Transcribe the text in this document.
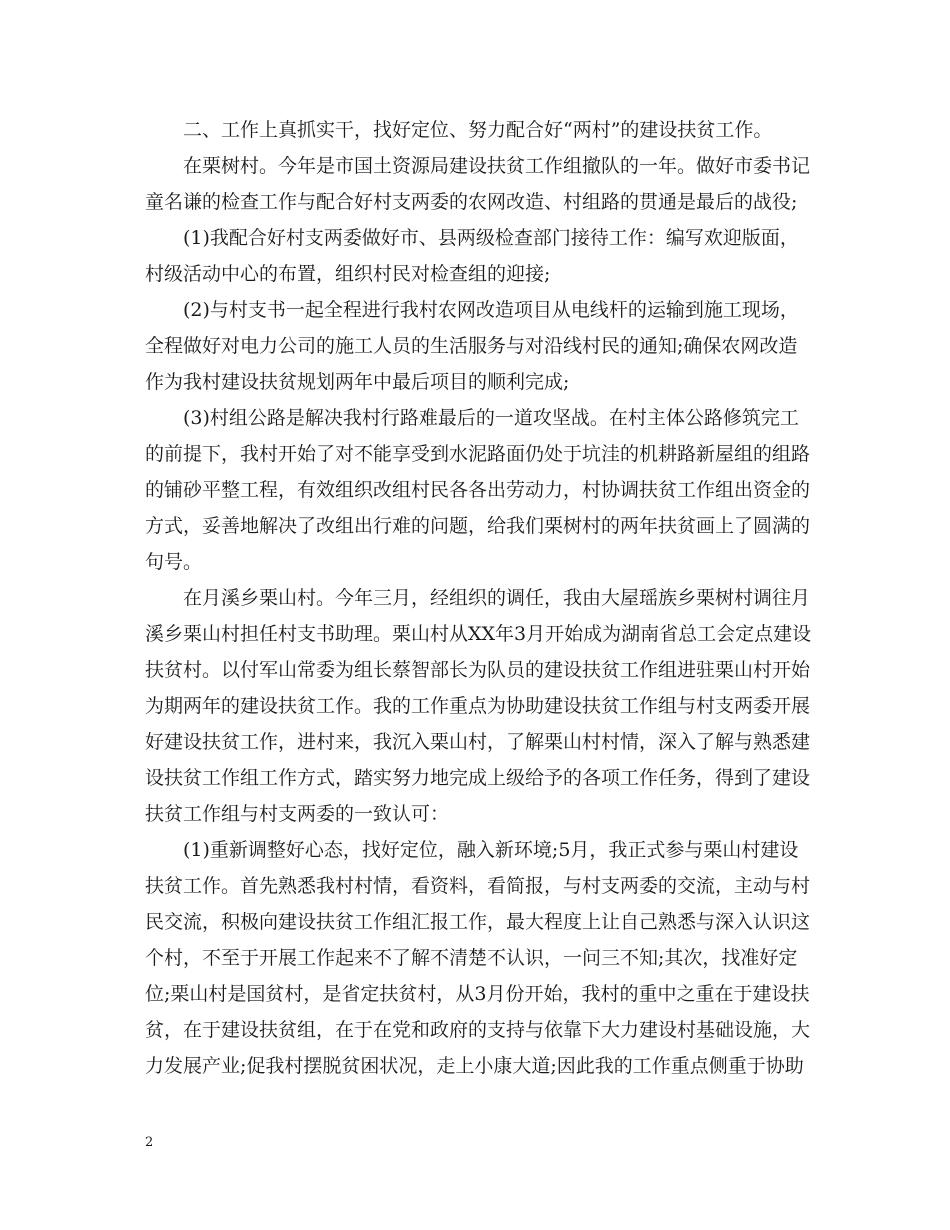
二、工作上真抓实干，找好定位、努力配合好“两村”的建设扶贫工作。
在栗树村。今年是市国土资源局建设扶贫工作组撤队的一年。做好市委书记
童名谦的检查工作与配合好村支两委的农网改造、村组路的贯通是最后的战役;
(1)我配合好村支两委做好市、县两级检查部门接待工作：编写欢迎版面，
村级活动中心的布置，组织村民对检查组的迎接;
(2)与村支书一起全程进行我村农网改造项目从电线杆的运输到施工现场，
全程做好对电力公司的施工人员的生活服务与对沿线村民的通知;确保农网改造
作为我村建设扶贫规划两年中最后项目的顺利完成;
(3)村组公路是解决我村行路难最后的一道攻坚战。在村主体公路修筑完工
的前提下，我村开始了对不能享受到水泥路面仍处于坑洼的机耕路新屋组的组路
的铺砂平整工程，有效组织改组村民各各出劳动力，村协调扶贫工作组出资金的
方式，妥善地解决了改组出行难的问题，给我们栗树村的两年扶贫画上了圆满的
句号。
在月溪乡栗山村。今年三月，经组织的调任，我由大屋瑶族乡栗树村调往月
溪乡栗山村担任村支书助理。栗山村从XX年3月开始成为湖南省总工会定点建设
扶贫村。以付军山常委为组长蔡智部长为队员的建设扶贫工作组进驻栗山村开始
为期两年的建设扶贫工作。我的工作重点为协助建设扶贫工作组与村支两委开展
好建设扶贫工作，进村来，我沉入栗山村，了解栗山村村情，深入了解与熟悉建
设扶贫工作组工作方式，踏实努力地完成上级给予的各项工作任务，得到了建设
扶贫工作组与村支两委的一致认可：
(1)重新调整好心态，找好定位，融入新环境;5月，我正式参与栗山村建设
扶贫工作。首先熟悉我村村情，看资料，看简报，与村支两委的交流，主动与村
民交流，积极向建设扶贫工作组汇报工作，最大程度上让自己熟悉与深入认识这
个村，不至于开展工作起来不了解不清楚不认识，一问三不知;其次，找准好定
位;栗山村是国贫村，是省定扶贫村，从3月份开始，我村的重中之重在于建设扶
贫，在于建设扶贫组，在于在党和政府的支持与依靠下大力建设村基础设施，大
力发展产业;促我村摆脱贫困状况，走上小康大道;因此我的工作重点侧重于协助
2
